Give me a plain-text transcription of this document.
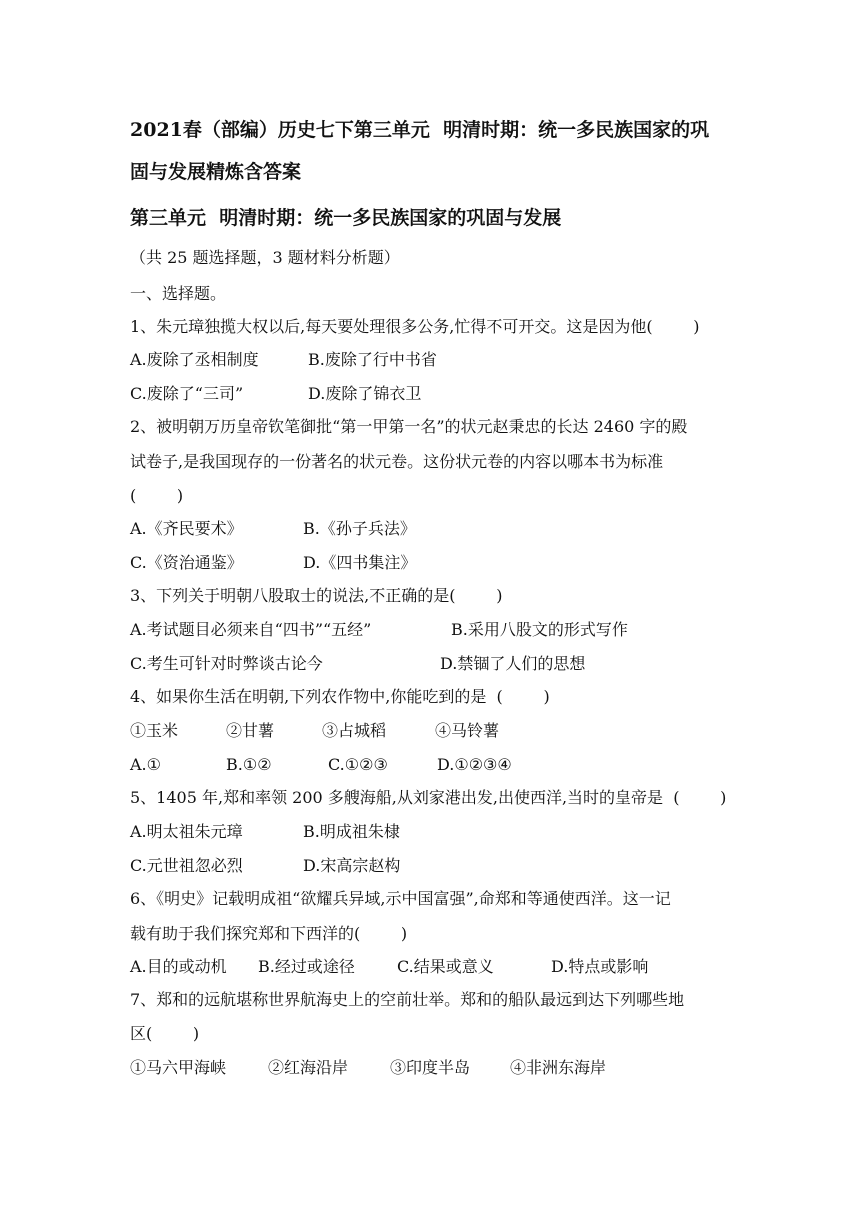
2021春（部编）历史七下第三单元  明清时期：统一多民族国家的巩
固与发展精炼含答案
第三单元  明清时期：统一多民族国家的巩固与发展
（共 25 题选择题，3 题材料分析题）
一、选择题。
1、朱元璋独揽大权以后,每天要处理很多公务,忙得不可开交。这是因为他(        )
A.废除了丞相制度	B.废除了行中书省
C.废除了“三司”	D.废除了锦衣卫
2、被明朝万历皇帝钦笔御批“第一甲第一名”的状元赵秉忠的长达 2460 字的殿
试卷子,是我国现存的一份著名的状元卷。这份状元卷的内容以哪本书为标准
(        )
A.《齐民要术》	B.《孙子兵法》
C.《资治通鉴》	D.《四书集注》
3、下列关于明朝八股取士的说法,不正确的是(        )
A.考试题目必须来自“四书”“五经”	B.采用八股文的形式写作
C.考生可针对时弊谈古论今	D.禁锢了人们的思想
4、如果你生活在明朝,下列农作物中,你能吃到的是  (        )
①玉米	②甘薯	③占城稻	④马铃薯
A.①	B.①②	C.①②③	D.①②③④
5、1405 年,郑和率领 200 多艘海船,从刘家港出发,出使西洋,当时的皇帝是  (        )
A.明太祖朱元璋	B.明成祖朱棣
C.元世祖忽必烈	D.宋高宗赵构
6、《明史》记载明成祖“欲耀兵异域,示中国富强”,命郑和等通使西洋。这一记
载有助于我们探究郑和下西洋的(        )
A.目的或动机 B.经过或途径	C.结果或意义	D.特点或影响
7、郑和的远航堪称世界航海史上的空前壮举。郑和的船队最远到达下列哪些地
区(        )
①马六甲海峡	②红海沿岸	③印度半岛 ④非洲东海岸
